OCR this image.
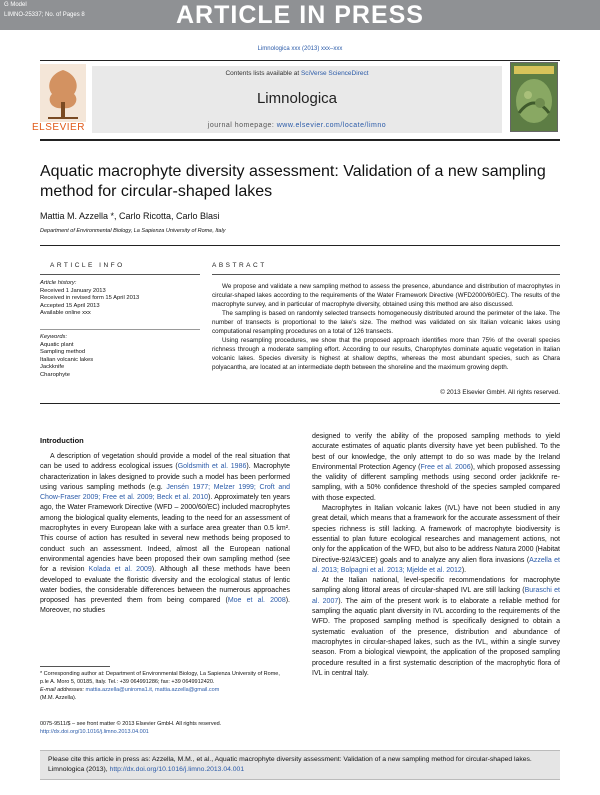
ARTICLE IN PRESS
G Model
LIMNO-25337; No. of Pages 8
Limnologica xxx (2013) xxx–xxx
Contents lists available at SciVerse ScienceDirect
Limnologica
journal homepage: www.elsevier.com/locate/limno
ELSEVIER
Aquatic macrophyte diversity assessment: Validation of a new sampling method for circular-shaped lakes
Mattia M. Azzella *, Carlo Ricotta, Carlo Blasi
Department of Environmental Biology, La Sapienza University of Rome, Italy
ARTICLE INFO
Article history:
Received 1 January 2013
Received in revised form 15 April 2013
Accepted 15 April 2013
Available online xxx
Keywords:
Aquatic plant
Sampling method
Italian volcanic lakes
Jackknife
Charophyte
ABSTRACT

We propose and validate a new sampling method to assess the presence, abundance and distribution of macrophytes in circular-shaped lakes according to the requirements of the Water Framework Directive (WFD2000/60/EC). The results of the macrophyte survey, and in particular of macrophyte diversity, obtained using this method are also discussed.

The sampling is based on randomly selected transects homogeneously distributed around the perimeter of the lake. The number of transects is proportional to the lake's size. The method was validated on six Italian volcanic lakes using computational resampling procedures on a total of 126 transects.

Using resampling procedures, we show that the proposed approach identifies more than 75% of the overall species richness through a moderate sampling effort. According to our results, Charophytes dominate aquatic vegetation in Italian volcanic lakes. Species diversity is highest at shallow depths, whereas the most abundant species, such as Chara polyacantha, are located at an intermediate depth between the shoreline and the maximum growing depth.

© 2013 Elsevier GmbH. All rights reserved.
Introduction

A description of vegetation should provide a model of the real situation that can be used to address ecological issues (Goldsmith et al. 1986). Macrophyte characterization in lakes designed to provide such a model has been performed using various sampling methods (e.g. Jensén 1977; Melzer 1999; Croft and Chow-Fraser 2009; Free et al. 2009; Beck et al. 2010). Approximately ten years ago, the Water Framework Directive (WFD – 2000/60/EC) included macrophytes among the biological quality elements, leading to the need for an assessment of macrophytes in every European lake with a surface area greater than 0.5 km². This course of action has resulted in several new methods being proposed to conduct such an assessment. Indeed, almost all the European national environmental agencies have been proposed their own sampling method (see for a revision Kolada et al. 2009). Although all these methods have been developed to evaluate the floristic diversity and the ecological status of lentic water bodies, the considerable differences between the numerous approaches proposed has prevented them from being compared (Moe et al. 2008). Moreover, no studies

designed to verify the ability of the proposed sampling methods to yield accurate estimates of aquatic plants diversity have yet been published. To the best of our knowledge, the only attempt to do so was made by the Ireland Environmental Protection Agency (Free et al. 2006), which proposed assessing the validity of different sampling methods using second order jackknife re-sampling, with a 50% confidence threshold of the species sampled compared with those expected.

Macrophytes in Italian volcanic lakes (IVL) have not been studied in any great detail, which means that a framework for the accurate assessment of their species richness is still lacking. A framework of macrophyte biodiversity is essential to plan future ecological researches and management actions, not only for the application of the WFD, but also to be address Natura 2000 (Habitat Directive-92/43/CEE) goals and to analyze any alien flora invasions (Azzella et al. 2013; Bolpagni et al. 2013; Mjelde et al. 2012).

At the Italian national, level-specific recommendations for macrophyte sampling along littoral areas of circular-shaped IVL are still lacking (Buraschi et al. 2007). The aim of the present work is to elaborate a reliable method for sampling the aquatic plant diversity in IVL according to the requirements of the WFD. The proposed sampling method is specifically designed to obtain a systematic evaluation of the presence, distribution and abundance of macrophytes in circular-shaped lakes, such as the IVL, within a single survey season. From a biological viewpoint, the application of the proposed sampling procedure resulted in a first systematic description of the macrophytic flora of IVL in central Italy.

* Corresponding author at: Department of Environmental Biology, La Sapienza University of Rome, p.le A. Moro 5, 00185, Italy. Tel.: +39 064991286; fax: +39 0649912420.
E-mail addresses: mattia.azzella@uniroma1.it, mattia.azzella@gmail.com
(M.M. Azzella).
0075-9511/$ – see front matter © 2013 Elsevier GmbH. All rights reserved.
http://dx.doi.org/10.1016/j.limno.2013.04.001
Please cite this article in press as: Azzella, M.M., et al., Aquatic macrophyte diversity assessment: Validation of a new sampling method for circular-shaped lakes. Limnologica (2013), http://dx.doi.org/10.1016/j.limno.2013.04.001
